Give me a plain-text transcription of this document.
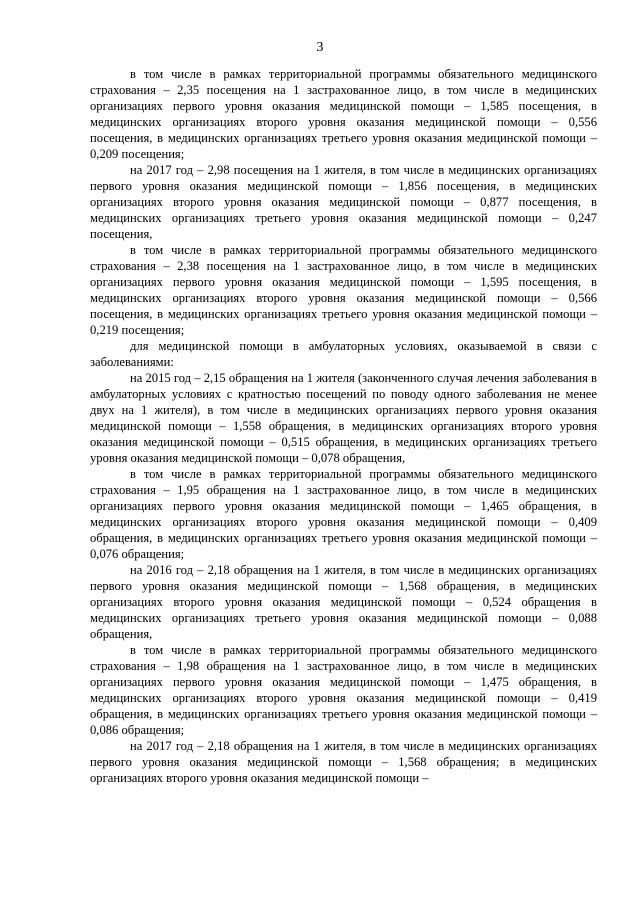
3

в том числе в рамках территориальной программы обязательного медицинского страхования – 2,35 посещения на 1 застрахованное лицо, в том числе в медицинских организациях первого уровня оказания медицинской помощи – 1,585 посещения, в медицинских организациях второго уровня оказания медицинской помощи – 0,556 посещения, в медицинских организациях третьего уровня оказания медицинской помощи – 0,209 посещения;

на 2017 год – 2,98 посещения на 1 жителя, в том числе в медицинских организациях первого уровня оказания медицинской помощи – 1,856 посещения, в медицинских организациях второго уровня оказания медицинской помощи – 0,877 посещения, в медицинских организациях третьего уровня оказания медицинской помощи – 0,247 посещения,

в том числе в рамках территориальной программы обязательного медицинского страхования – 2,38 посещения на 1 застрахованное лицо, в том числе в медицинских организациях первого уровня оказания медицинской помощи – 1,595 посещения, в медицинских организациях второго уровня оказания медицинской помощи – 0,566 посещения, в медицинских организациях третьего уровня оказания медицинской помощи – 0,219 посещения;

для медицинской помощи в амбулаторных условиях, оказываемой в связи с заболеваниями:

на 2015 год – 2,15 обращения на 1 жителя (законченного случая лечения заболевания в амбулаторных условиях с кратностью посещений по поводу одного заболевания не менее двух на 1 жителя), в том числе в медицинских организациях первого уровня оказания медицинской помощи – 1,558 обращения, в медицинских организациях второго уровня оказания медицинской помощи – 0,515 обращения, в медицинских организациях третьего уровня оказания медицинской помощи – 0,078 обращения,

в том числе в рамках территориальной программы обязательного медицинского страхования – 1,95 обращения на 1 застрахованное лицо, в том числе в медицинских организациях первого уровня оказания медицинской помощи – 1,465 обращения, в медицинских организациях второго уровня оказания медицинской помощи – 0,409 обращения, в медицинских организациях третьего уровня оказания медицинской помощи – 0,076 обращения;

на 2016 год – 2,18 обращения на 1 жителя, в том числе в медицинских организациях первого уровня оказания медицинской помощи – 1,568 обращения, в медицинских организациях второго уровня оказания медицинской помощи – 0,524 обращения в медицинских организациях третьего уровня оказания медицинской помощи – 0,088 обращения,

в том числе в рамках территориальной программы обязательного медицинского страхования – 1,98 обращения на 1 застрахованное лицо, в том числе в медицинских организациях первого уровня оказания медицинской помощи – 1,475 обращения, в медицинских организациях второго уровня оказания медицинской помощи – 0,419 обращения, в медицинских организациях третьего уровня оказания медицинской помощи – 0,086 обращения;

на 2017 год – 2,18 обращения на 1 жителя, в том числе в медицинских организациях первого уровня оказания медицинской помощи – 1,568 обращения; в медицинских организациях второго уровня оказания медицинской помощи –
